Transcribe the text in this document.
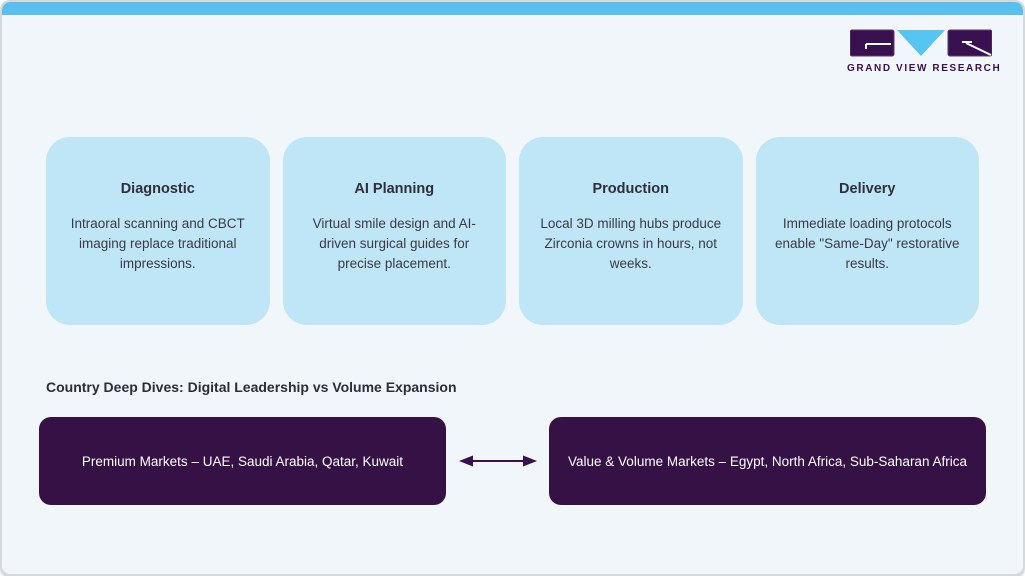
GRAND VIEW RESEARCH
Diagnostic
Intraoral scanning and CBCT imaging replace traditional impressions.
AI Planning
Virtual smile design and AI-driven surgical guides for precise placement.
Production
Local 3D milling hubs produce Zirconia crowns in hours, not weeks.
Delivery
Immediate loading protocols enable "Same-Day" restorative results.
Country Deep Dives: Digital Leadership vs Volume Expansion
Premium Markets – UAE, Saudi Arabia, Qatar, Kuwait	Value & Volume Markets – Egypt, North Africa, Sub-Saharan Africa
